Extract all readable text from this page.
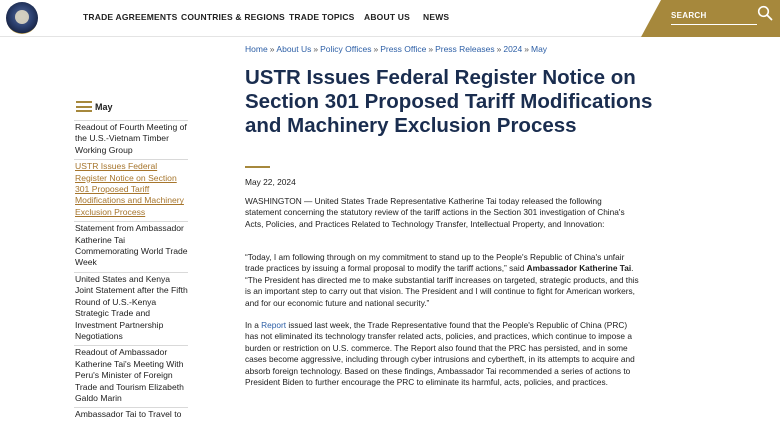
TRADE AGREEMENTS COUNTRIES & REGIONS TRADE TOPICS ABOUT US NEWS
SEARCH
May
Readout of Fourth Meeting of the U.S.-Vietnam Timber Working Group
USTR Issues Federal Register Notice on Section 301 Proposed Tariff Modifications and Machinery Exclusion Process
Statement from Ambassador Katherine Tai Commemorating World Trade Week
United States and Kenya Joint Statement after the Fifth Round of U.S.-Kenya Strategic Trade and Investment Partnership Negotiations
Readout of Ambassador Katherine Tai's Meeting With Peru's Minister of Foreign Trade and Tourism Elizabeth Galdo Marin
Ambassador Tai to Travel to
Home » About Us » Policy Offices » Press Office » Press Releases » 2024 » May
USTR Issues Federal Register Notice on Section 301 Proposed Tariff Modifications and Machinery Exclusion Process
May 22, 2024

WASHINGTON — United States Trade Representative Katherine Tai today released the following statement concerning the statutory review of the tariff actions in the Section 301 investigation of China's Acts, Policies, and Practices Related to Technology Transfer, Intellectual Property, and Innovation:

“Today, I am following through on my commitment to stand up to the People's Republic of China's unfair trade practices by issuing a formal proposal to modify the tariff actions,” said Ambassador Katherine Tai. “The President has directed me to make substantial tariff increases on targeted, strategic products, and this is an important step to carry out that vision. The President and I will continue to fight for American workers, and for our economic future and national security.”

In a Report issued last week, the Trade Representative found that the People's Republic of China (PRC) has not eliminated its technology transfer related acts, policies, and practices, which continue to impose a burden or restriction on U.S. commerce. The Report also found that the PRC has persisted, and in some cases become aggressive, including through cyber intrusions and cybertheft, in its attempts to acquire and absorb foreign technology. Based on these findings, Ambassador Tai recommended a series of actions to President Biden to further encourage the PRC to eliminate its harmful, acts, policies, and practices.
